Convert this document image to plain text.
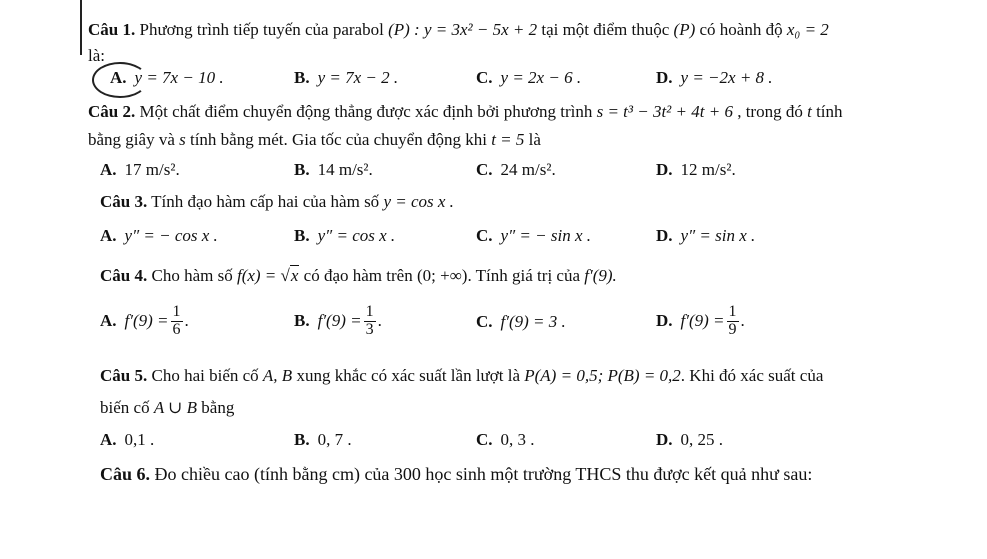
Câu 1. Phương trình tiếp tuyến của parabol (P) : y = 3x² − 5x + 2 tại một điểm thuộc (P) có hoành độ x₀ = 2
là:
A. y = 7x − 10 .	B. y = 7x − 2 .	C. y = 2x − 6 .	D. y = −2x + 8 .
Câu 2. Một chất điểm chuyển động thẳng được xác định bởi phương trình s = t³ − 3t² + 4t + 6 , trong đó t tính
bằng giây và s tính bằng mét. Gia tốc của chuyển động khi t = 5 là
A. 17 m/s².	B. 14 m/s².	C. 24 m/s².	D. 12 m/s².
Câu 3. Tính đạo hàm cấp hai của hàm số y = cos x .
A. y″ = − cos x .	B. y″ = cos x .	C. y″ = − sin x .	D. y″ = sin x .
Câu 4. Cho hàm số f(x) = √x có đạo hàm trên (0; +∞). Tính giá trị của f′(9).
A. $f'(9) = \frac{1}{6}$ .	B. $f'(9) = \frac{1}{3}$ .	C. f′(9) = 3 .	D. $f'(9) = \frac{1}{9}$ .
Câu 5. Cho hai biến cố A, B xung khắc có xác suất lần lượt là P(A) = 0,5; P(B) = 0,2. Khi đó xác suất của
biến cố A ∪ B bằng
A. 0,1 .	B. 0, 7 .	C. 0, 3 .	D. 0, 25 .
Câu 6. Đo chiều cao (tính bằng cm) của 300 học sinh một trường THCS thu được kết quả như sau:
